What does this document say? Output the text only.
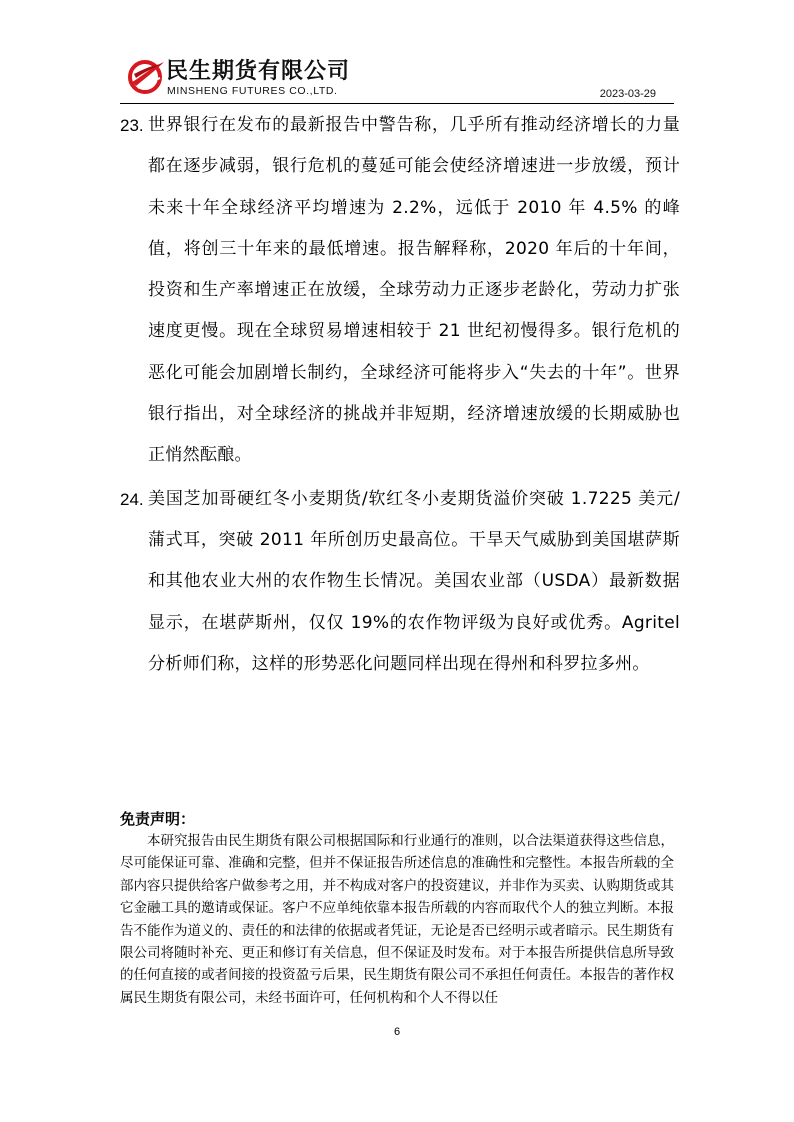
民生期货有限公司
MINSHENG FUTURES CO.,LTD.	2023-03-29
23. 世界银行在发布的最新报告中警告称，几乎所有推动经济增长的力量都在逐步减弱，银行危机的蔓延可能会使经济增速进一步放缓，预计未来十年全球经济平均增速为 2.2%，远低于 2010 年 4.5% 的峰值，将创三十年来的最低增速。报告解释称，2020 年后的十年间，投资和生产率增速正在放缓，全球劳动力正逐步老龄化，劳动力扩张速度更慢。现在全球贸易增速相较于 21 世纪初慢得多。银行危机的恶化可能会加剧增长制约，全球经济可能将步入“失去的十年”。世界银行指出，对全球经济的挑战并非短期，经济增速放缓的长期威胁也正悄然酝酿。
24. 美国芝加哥硬红冬小麦期货/软红冬小麦期货溢价突破 1.7225 美元/蒲式耳，突破 2011 年所创历史最高位。干旱天气威胁到美国堪萨斯和其他农业大州的农作物生长情况。美国农业部（USDA）最新数据显示，在堪萨斯州，仅仅 19%的农作物评级为良好或优秀。Agritel 分析师们称，这样的形势恶化问题同样出现在得州和科罗拉多州。
免责声明：

本研究报告由民生期货有限公司根据国际和行业通行的准则，以合法渠道获得这些信息，尽可能保证可靠、准确和完整，但并不保证报告所述信息的准确性和完整性。本报告所载的全部内容只提供给客户做参考之用，并不构成对客户的投资建议，并非作为买卖、认购期货或其它金融工具的邀请或保证。客户不应单纯依靠本报告所载的内容而取代个人的独立判断。本报告不能作为道义的、责任的和法律的依据或者凭证，无论是否已经明示或者暗示。民生期货有限公司将随时补充、更正和修订有关信息，但不保证及时发布。对于本报告所提供信息所导致的任何直接的或者间接的投资盈亏后果，民生期货有限公司不承担任何责任。本报告的著作权属民生期货有限公司，未经书面许可，任何机构和个人不得以任

6
